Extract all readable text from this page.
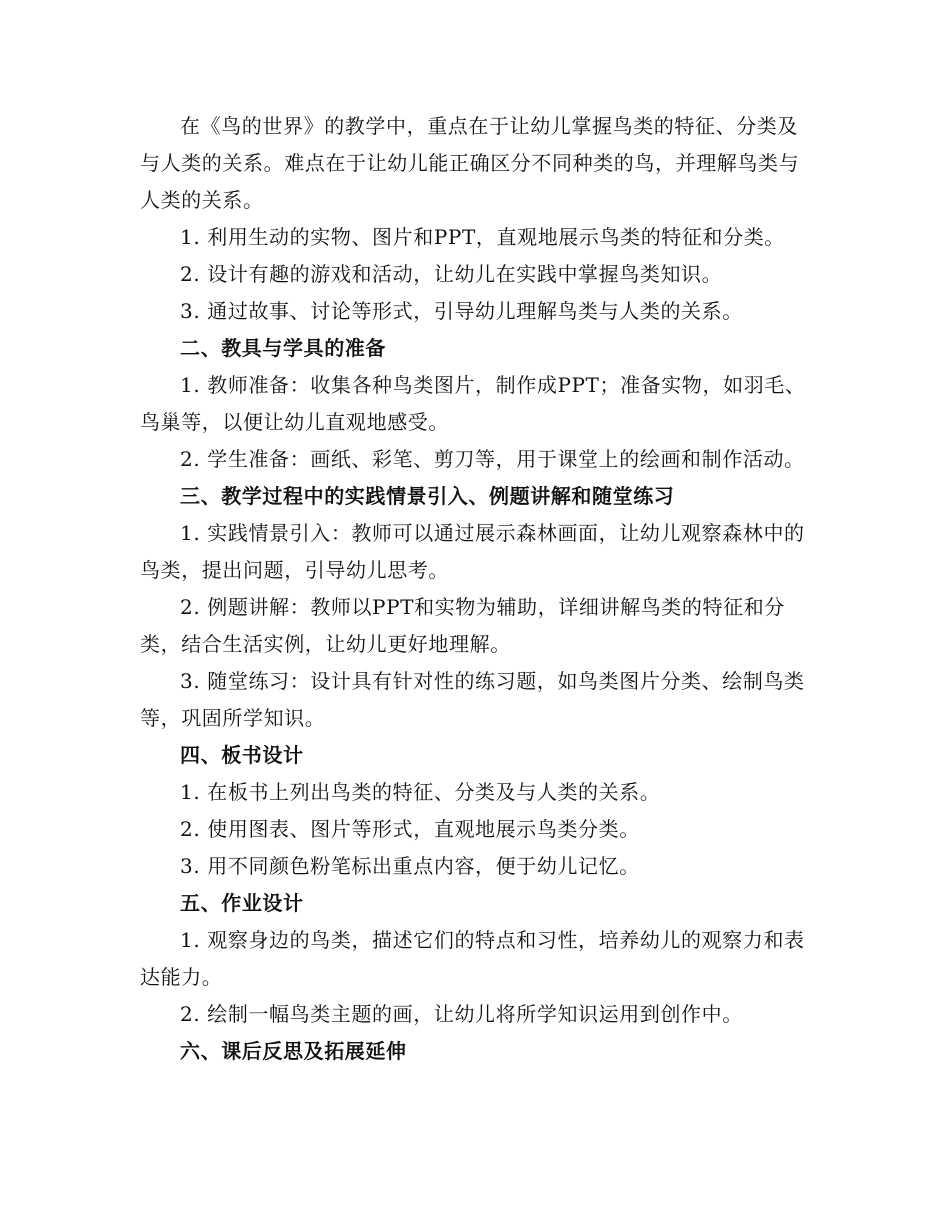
在《鸟的世界》的教学中，重点在于让幼儿掌握鸟类的特征、分类及与人类的关系。难点在于让幼儿能正确区分不同种类的鸟，并理解鸟类与人类的关系。

1. 利用生动的实物、图片和PPT，直观地展示鸟类的特征和分类。

2. 设计有趣的游戏和活动，让幼儿在实践中掌握鸟类知识。

3. 通过故事、讨论等形式，引导幼儿理解鸟类与人类的关系。

二、教具与学具的准备

1. 教师准备：收集各种鸟类图片，制作成PPT；准备实物，如羽毛、鸟巢等，以便让幼儿直观地感受。

2. 学生准备：画纸、彩笔、剪刀等，用于课堂上的绘画和制作活动。

三、教学过程中的实践情景引入、例题讲解和随堂练习

1. 实践情景引入：教师可以通过展示森林画面，让幼儿观察森林中的鸟类，提出问题，引导幼儿思考。

2. 例题讲解：教师以PPT和实物为辅助，详细讲解鸟类的特征和分类，结合生活实例，让幼儿更好地理解。

3. 随堂练习：设计具有针对性的练习题，如鸟类图片分类、绘制鸟类等，巩固所学知识。

四、板书设计

1. 在板书上列出鸟类的特征、分类及与人类的关系。

2. 使用图表、图片等形式，直观地展示鸟类分类。

3. 用不同颜色粉笔标出重点内容，便于幼儿记忆。

五、作业设计

1. 观察身边的鸟类，描述它们的特点和习性，培养幼儿的观察力和表达能力。

2. 绘制一幅鸟类主题的画，让幼儿将所学知识运用到创作中。

六、课后反思及拓展延伸
